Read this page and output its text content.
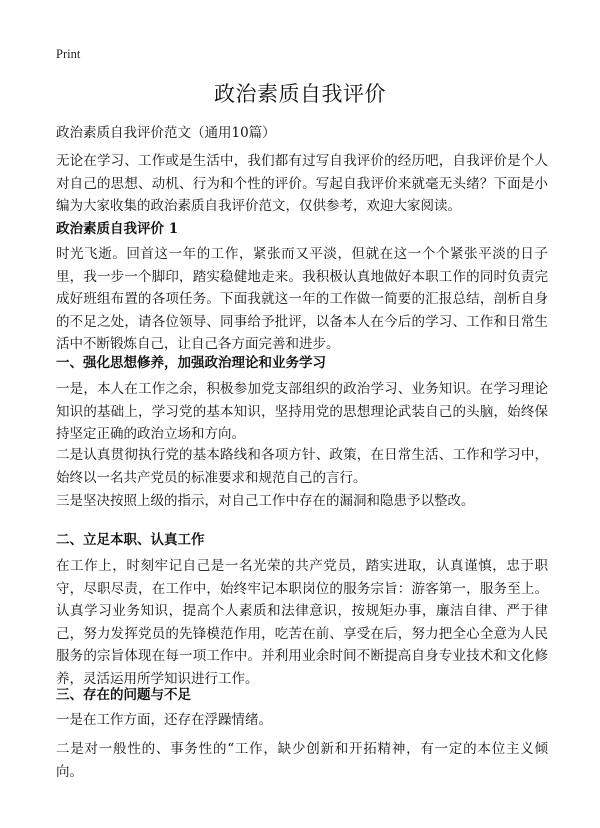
Print
政治素质自我评价
政治素质自我评价范文（通用10篇）

无论在学习、工作或是生活中，我们都有过写自我评价的经历吧，自我评价是个人对自己的思想、动机、行为和个性的评价。写起自我评价来就毫无头绪？下面是小编为大家收集的政治素质自我评价范文，仅供参考，欢迎大家阅读。

政治素质自我评价 1

时光飞逝。回首这一年的工作，紧张而又平淡，但就在这一个个紧张平淡的日子里，我一步一个脚印，踏实稳健地走来。我积极认真地做好本职工作的同时负责完成好班组布置的各项任务。下面我就这一年的工作做一简要的汇报总结，剖析自身的不足之处，请各位领导、同事给予批评，以备本人在今后的学习、工作和日常生活中不断锻炼自己，让自己各方面完善和进步。

一、强化思想修养，加强政治理论和业务学习

一是，本人在工作之余，积极参加党支部组织的政治学习、业务知识。在学习理论知识的基础上，学习党的基本知识，坚持用党的思想理论武装自己的头脑，始终保持坚定正确的政治立场和方向。

二是认真贯彻执行党的基本路线和各项方针、政策，在日常生活、工作和学习中，始终以一名共产党员的标准要求和规范自己的言行。

三是坚决按照上级的指示，对自己工作中存在的漏洞和隐患予以整改。

二、立足本职、认真工作

在工作上，时刻牢记自己是一名光荣的共产党员，踏实进取，认真谨慎，忠于职守，尽职尽责，在工作中，始终牢记本职岗位的服务宗旨：游客第一，服务至上。认真学习业务知识，提高个人素质和法律意识，按规矩办事，廉洁自律、严于律己，努力发挥党员的先锋模范作用，吃苦在前、享受在后，努力把全心全意为人民服务的宗旨体现在每一项工作中。并利用业余时间不断提高自身专业技术和文化修养，灵活运用所学知识进行工作。

三、存在的问题与不足

一是在工作方面，还存在浮躁情绪。

二是对一般性的、事务性的“工作，缺少创新和开拓精神，有一定的本位主义倾向。
